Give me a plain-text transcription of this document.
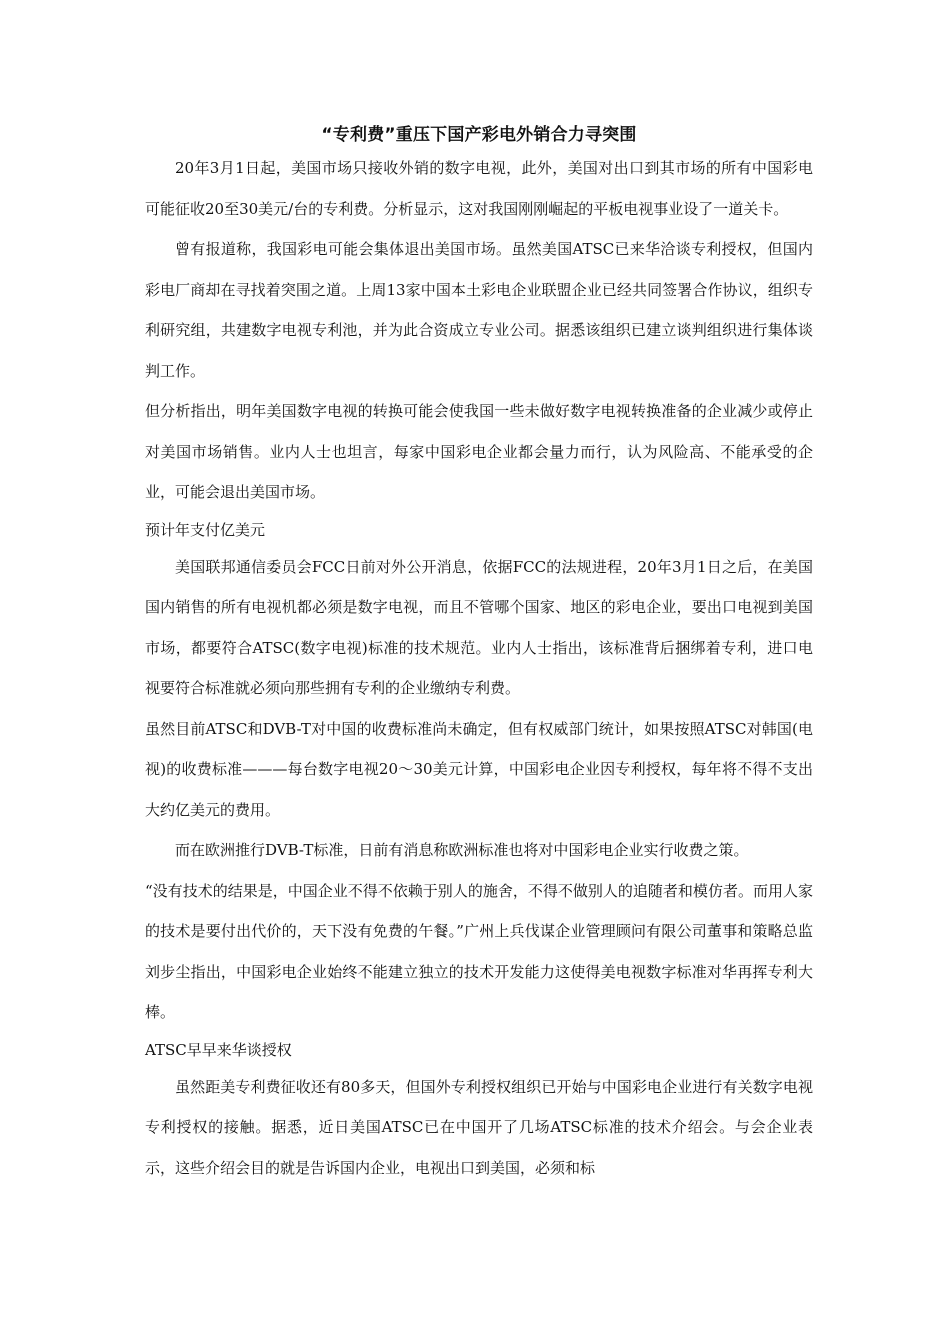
“专利费”重压下国产彩电外销合力寻突围

20年3月1日起，美国市场只接收外销的数字电视，此外，美国对出口到其市场的所有中国彩电可能征收20至30美元/台的专利费。分析显示，这对我国刚刚崛起的平板电视事业设了一道关卡。

曾有报道称，我国彩电可能会集体退出美国市场。虽然美国ATSC已来华洽谈专利授权，但国内彩电厂商却在寻找着突围之道。上周13家中国本土彩电企业联盟企业已经共同签署合作协议，组织专利研究组，共建数字电视专利池，并为此合资成立专业公司。据悉该组织已建立谈判组织进行集体谈判工作。

但分析指出，明年美国数字电视的转换可能会使我国一些未做好数字电视转换准备的企业减少或停止对美国市场销售。业内人士也坦言，每家中国彩电企业都会量力而行，认为风险高、不能承受的企业，可能会退出美国市场。

预计年支付亿美元

美国联邦通信委员会FCC日前对外公开消息，依据FCC的法规进程，20年3月1日之后，在美国国内销售的所有电视机都必须是数字电视，而且不管哪个国家、地区的彩电企业，要出口电视到美国市场，都要符合ATSC(数字电视)标准的技术规范。业内人士指出，该标准背后捆绑着专利，进口电视要符合标准就必须向那些拥有专利的企业缴纳专利费。

虽然目前ATSC和DVB-T对中国的收费标准尚未确定，但有权威部门统计，如果按照ATSC对韩国(电视)的收费标准———每台数字电视20～30美元计算，中国彩电企业因专利授权，每年将不得不支出大约亿美元的费用。

而在欧洲推行DVB-T标准，日前有消息称欧洲标准也将对中国彩电企业实行收费之策。

“没有技术的结果是，中国企业不得不依赖于别人的施舍，不得不做别人的追随者和模仿者。而用人家的技术是要付出代价的，天下没有免费的午餐。”广州上兵伐谋企业管理顾问有限公司董事和策略总监刘步尘指出，中国彩电企业始终不能建立独立的技术开发能力这使得美电视数字标准对华再挥专利大棒。

ATSC早早来华谈授权

虽然距美专利费征收还有80多天，但国外专利授权组织已开始与中国彩电企业进行有关数字电视专利授权的接触。据悉，近日美国ATSC已在中国开了几场ATSC标准的技术介绍会。与会企业表示，这些介绍会目的就是告诉国内企业，电视出口到美国，必须和标
